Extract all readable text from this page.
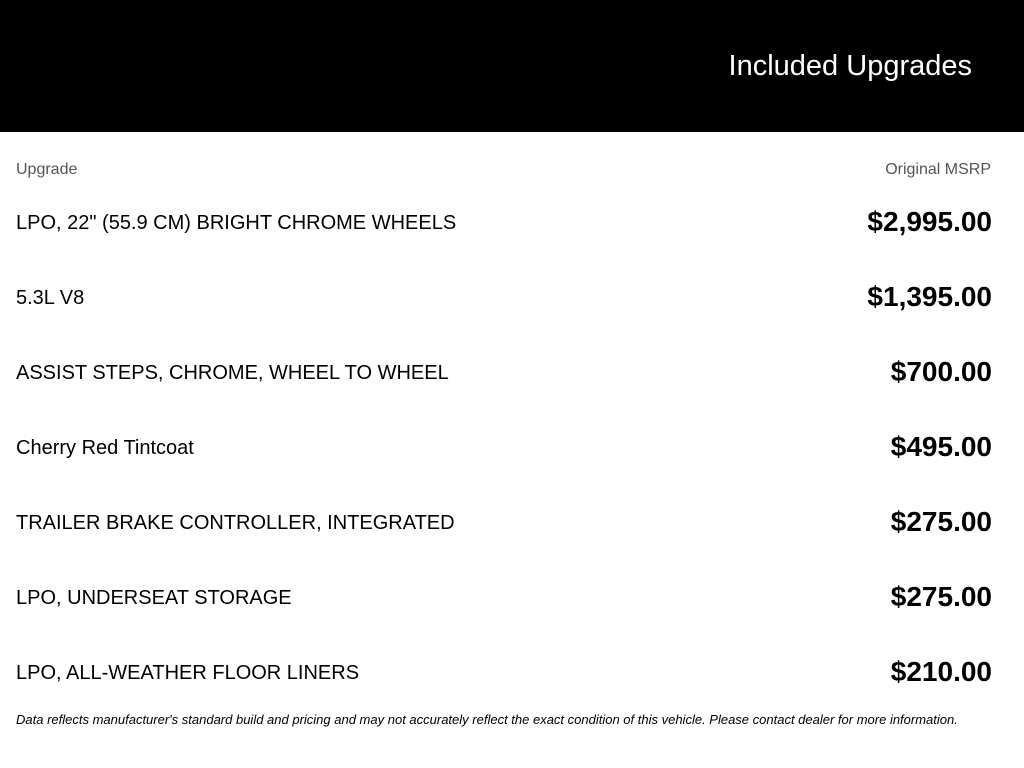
Included Upgrades
Upgrade	Original MSRP
LPO, 22" (55.9 CM) BRIGHT CHROME WHEELS	$2,995.00
5.3L V8	$1,395.00
ASSIST STEPS, CHROME, WHEEL TO WHEEL	$700.00
Cherry Red Tintcoat	$495.00
TRAILER BRAKE CONTROLLER, INTEGRATED	$275.00
LPO, UNDERSEAT STORAGE	$275.00
LPO, ALL-WEATHER FLOOR LINERS	$210.00

Data reflects manufacturer's standard build and pricing and may not accurately reflect the exact condition of this vehicle. Please contact dealer for more information.
